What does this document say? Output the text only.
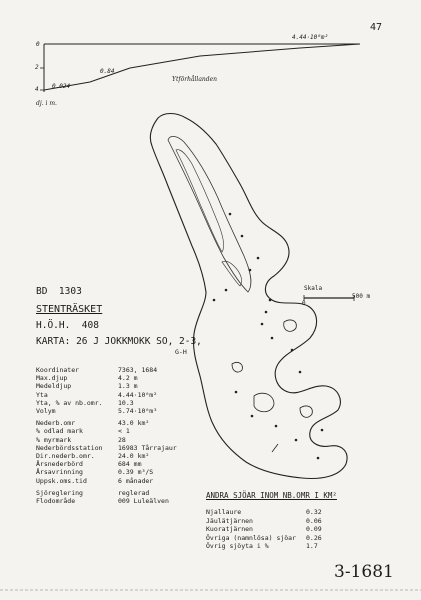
47
0
2
4
4.44·10⁶m²
0.84
0.024
Ytförhållanden
dj. i m.
Skala
0
500 m
BD 1303
STENTRÄSKET
H.Ö.H. 408
KARTA: 26 J JOKKMOKK SO, 2-3,
G-H
Koordinater	7363, 1684
Max.djup	4.2 m
Medeldjup	1.3 m
Yta	4.44·10⁶m²
Yta, % av nb.omr.	10.3
Volym	5.74·10⁶m³
Nederb.omr	43.0 km²
% odlad mark	< 1
% myrmark	28
Nederbördsstation	16983 Tårrajaur
Dir.nederb.omr.	24.0 km²
Årsnederbörd	684 mm
Årsavrinning	0.39 m³/S
Uppsk.oms.tid	6 månader
Sjöreglering	reglerad
Flodområde	009 Luleälven
ANDRA SJÖAR INOM NB.OMR I KM²
Njallaure	0.32
Jäulätjärnen	0.06
Kuoratjärnen	0.09
Övriga (namnlösa) sjöar	0.26
Övrig sjöyta i %	1.7
3-1681
